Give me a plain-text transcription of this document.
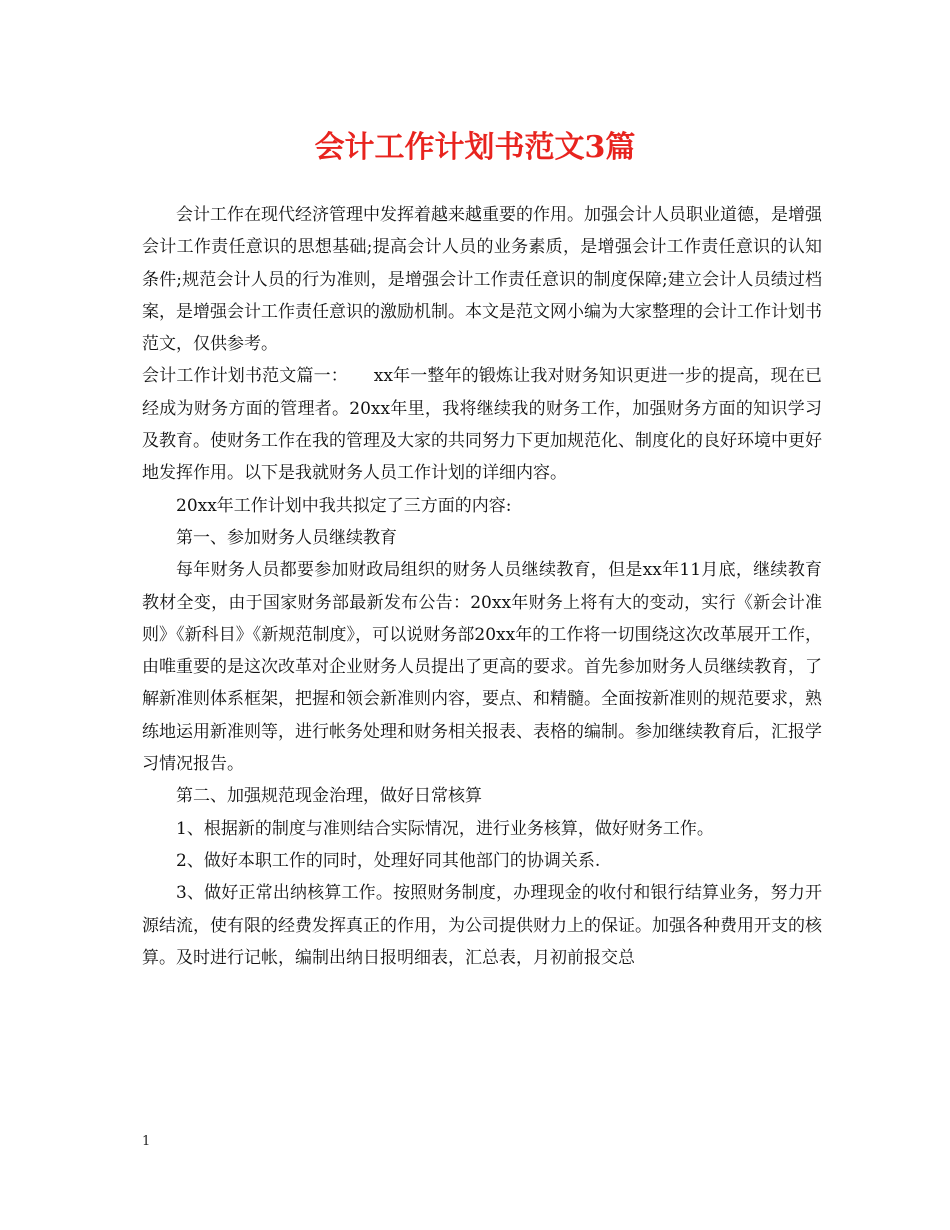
会计工作计划书范文3篇

会计工作在现代经济管理中发挥着越来越重要的作用。加强会计人员职业道德，是增强会计工作责任意识的思想基础;提高会计人员的业务素质，是增强会计工作责任意识的认知条件;规范会计人员的行为准则，是增强会计工作责任意识的制度保障;建立会计人员绩过档案，是增强会计工作责任意识的激励机制。本文是范文网小编为大家整理的会计工作计划书范文，仅供参考。

会计工作计划书范文篇一：　　xx年一整年的锻炼让我对财务知识更进一步的提高，现在已经成为财务方面的管理者。20xx年里，我将继续我的财务工作，加强财务方面的知识学习及教育。使财务工作在我的管理及大家的共同努力下更加规范化、制度化的良好环境中更好地发挥作用。以下是我就财务人员工作计划的详细内容。

20xx年工作计划中我共拟定了三方面的内容:

第一、参加财务人员继续教育

每年财务人员都要参加财政局组织的财务人员继续教育，但是xx年11月底，继续教育教材全变，由于国家财务部最新发布公告：20xx年财务上将有大的变动，实行《新会计准则》《新科目》《新规范制度》，可以说财务部20xx年的工作将一切围绕这次改革展开工作，由唯重要的是这次改革对企业财务人员提出了更高的要求。首先参加财务人员继续教育，了解新准则体系框架，把握和领会新准则内容，要点、和精髓。全面按新准则的规范要求，熟练地运用新准则等，进行帐务处理和财务相关报表、表格的编制。参加继续教育后，汇报学习情况报告。

第二、加强规范现金治理，做好日常核算

1、根据新的制度与准则结合实际情况，进行业务核算，做好财务工作。

2、做好本职工作的同时，处理好同其他部门的协调关系.

3、做好正常出纳核算工作。按照财务制度，办理现金的收付和银行结算业务，努力开源结流，使有限的经费发挥真正的作用，为公司提供财力上的保证。加强各种费用开支的核算。及时进行记帐，编制出纳日报明细表，汇总表，月初前报交总

1
